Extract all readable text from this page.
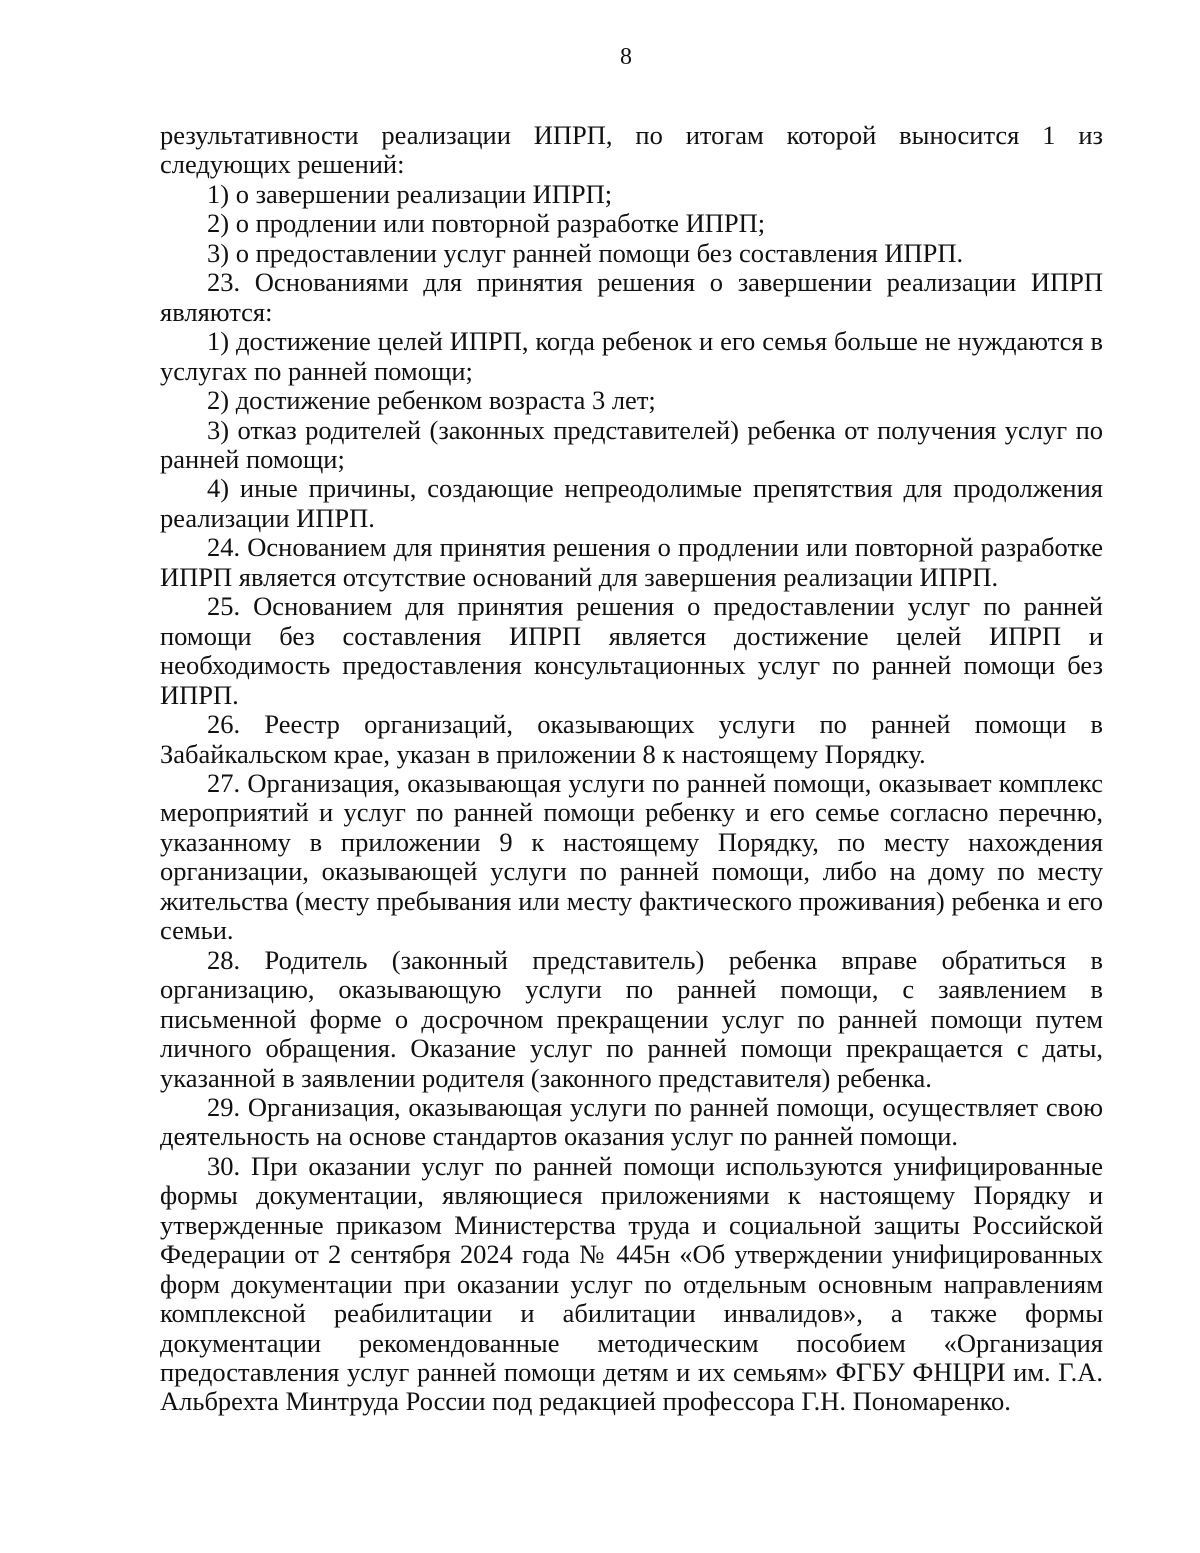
8

результативности реализации ИПРП, по итогам которой выносится 1 из следующих решений:

1) о завершении реализации ИПРП;

2) о продлении или повторной разработке ИПРП;

3) о предоставлении услуг ранней помощи без составления ИПРП.

23. Основаниями для принятия решения о завершении реализации ИПРП являются:

1) достижение целей ИПРП, когда ребенок и его семья больше не нуждаются в услугах по ранней помощи;

2) достижение ребенком возраста 3 лет;

3) отказ родителей (законных представителей) ребенка от получения услуг по ранней помощи;

4) иные причины, создающие непреодолимые препятствия для продолжения реализации ИПРП.

24. Основанием для принятия решения о продлении или повторной разработке ИПРП является отсутствие оснований для завершения реализации ИПРП.

25. Основанием для принятия решения о предоставлении услуг по ранней помощи без составления ИПРП является достижение целей ИПРП и необходимость предоставления консультационных услуг по ранней помощи без ИПРП.

26. Реестр организаций, оказывающих услуги по ранней помощи в Забайкальском крае, указан в приложении 8 к настоящему Порядку.

27. Организация, оказывающая услуги по ранней помощи, оказывает комплекс мероприятий и услуг по ранней помощи ребенку и его семье согласно перечню, указанному в приложении 9 к настоящему Порядку, по месту нахождения организации, оказывающей услуги по ранней помощи, либо на дому по месту жительства (месту пребывания или месту фактического проживания) ребенка и его семьи.

28. Родитель (законный представитель) ребенка вправе обратиться в организацию, оказывающую услуги по ранней помощи, с заявлением в письменной форме о досрочном прекращении услуг по ранней помощи путем личного обращения. Оказание услуг по ранней помощи прекращается с даты, указанной в заявлении родителя (законного представителя) ребенка.

29. Организация, оказывающая услуги по ранней помощи, осуществляет свою деятельность на основе стандартов оказания услуг по ранней помощи.

30. При оказании услуг по ранней помощи используются унифицированные формы документации, являющиеся приложениями к настоящему Порядку и утвержденные приказом Министерства труда и социальной защиты Российской Федерации от 2 сентября 2024 года № 445н «Об утверждении унифицированных форм документации при оказании услуг по отдельным основным направлениям комплексной реабилитации и абилитации инвалидов», а также формы документации рекомендованные методическим пособием «Организация предоставления услуг ранней помощи детям и их семьям» ФГБУ ФНЦРИ им. Г.А. Альбрехта Минтруда России под редакцией профессора Г.Н. Пономаренко.
